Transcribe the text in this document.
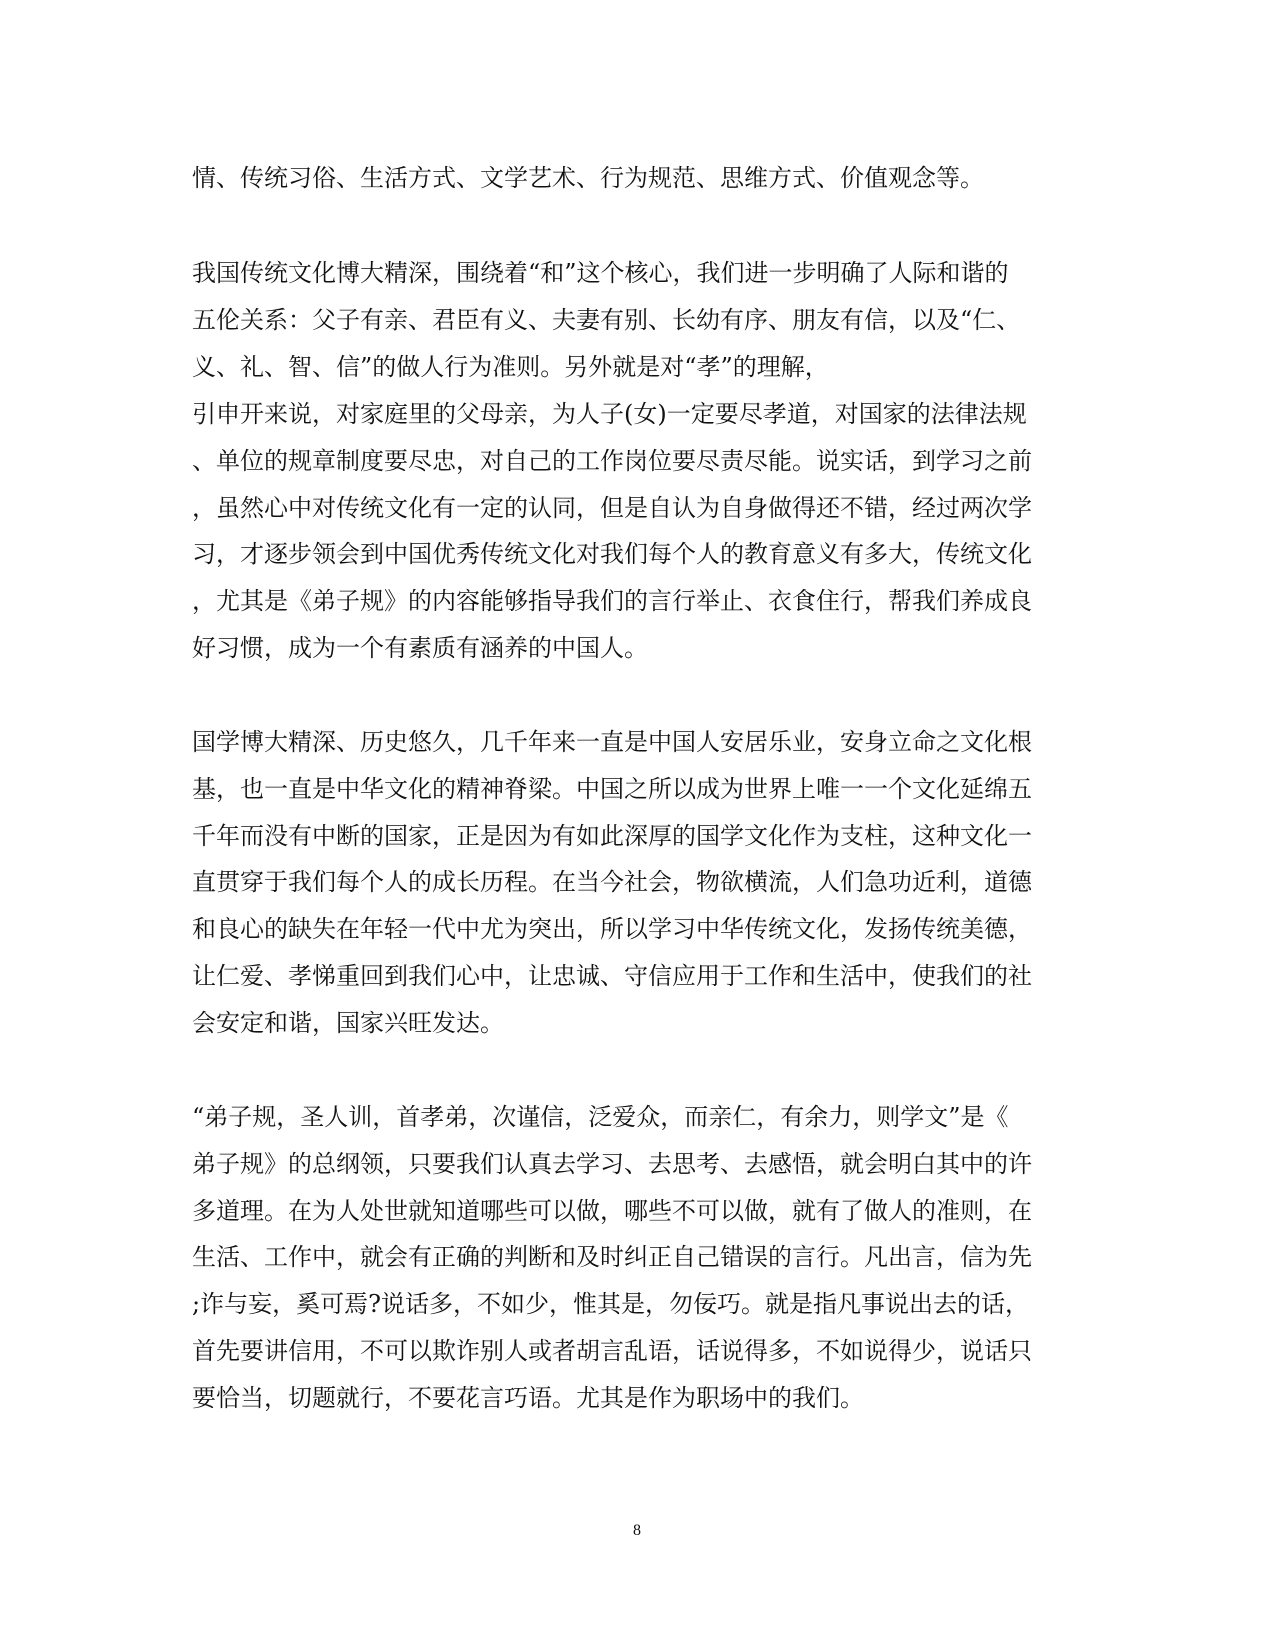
情、传统习俗、生活方式、文学艺术、行为规范、思维方式、价值观念等。
我国传统文化博大精深，围绕着“和”这个核心，我们进一步明确了人际和谐的
五伦关系：父子有亲、君臣有义、夫妻有别、长幼有序、朋友有信，以及“仁、
义、礼、智、信”的做人行为准则。另外就是对“孝”的理解，
引申开来说，对家庭里的父母亲，为人子(女)一定要尽孝道，对国家的法律法规
、单位的规章制度要尽忠，对自己的工作岗位要尽责尽能。说实话，到学习之前
，虽然心中对传统文化有一定的认同，但是自认为自身做得还不错，经过两次学
习，才逐步领会到中国优秀传统文化对我们每个人的教育意义有多大，传统文化
，尤其是《弟子规》的内容能够指导我们的言行举止、衣食住行，帮我们养成良
好习惯，成为一个有素质有涵养的中国人。
国学博大精深、历史悠久，几千年来一直是中国人安居乐业，安身立命之文化根
基，也一直是中华文化的精神脊梁。中国之所以成为世界上唯一一个文化延绵五
千年而没有中断的国家，正是因为有如此深厚的国学文化作为支柱，这种文化一
直贯穿于我们每个人的成长历程。在当今社会，物欲横流，人们急功近利，道德
和良心的缺失在年轻一代中尤为突出，所以学习中华传统文化，发扬传统美德，
让仁爱、孝悌重回到我们心中，让忠诚、守信应用于工作和生活中，使我们的社
会安定和谐，国家兴旺发达。
“弟子规，圣人训，首孝弟，次谨信，泛爱众，而亲仁，有余力，则学文”是《
弟子规》的总纲领，只要我们认真去学习、去思考、去感悟，就会明白其中的许
多道理。在为人处世就知道哪些可以做，哪些不可以做，就有了做人的准则，在
生活、工作中，就会有正确的判断和及时纠正自己错误的言行。凡出言，信为先
;诈与妄，奚可焉?说话多，不如少，惟其是，勿佞巧。就是指凡事说出去的话，
首先要讲信用，不可以欺诈别人或者胡言乱语，话说得多，不如说得少，说话只
要恰当，切题就行，不要花言巧语。尤其是作为职场中的我们。
8
